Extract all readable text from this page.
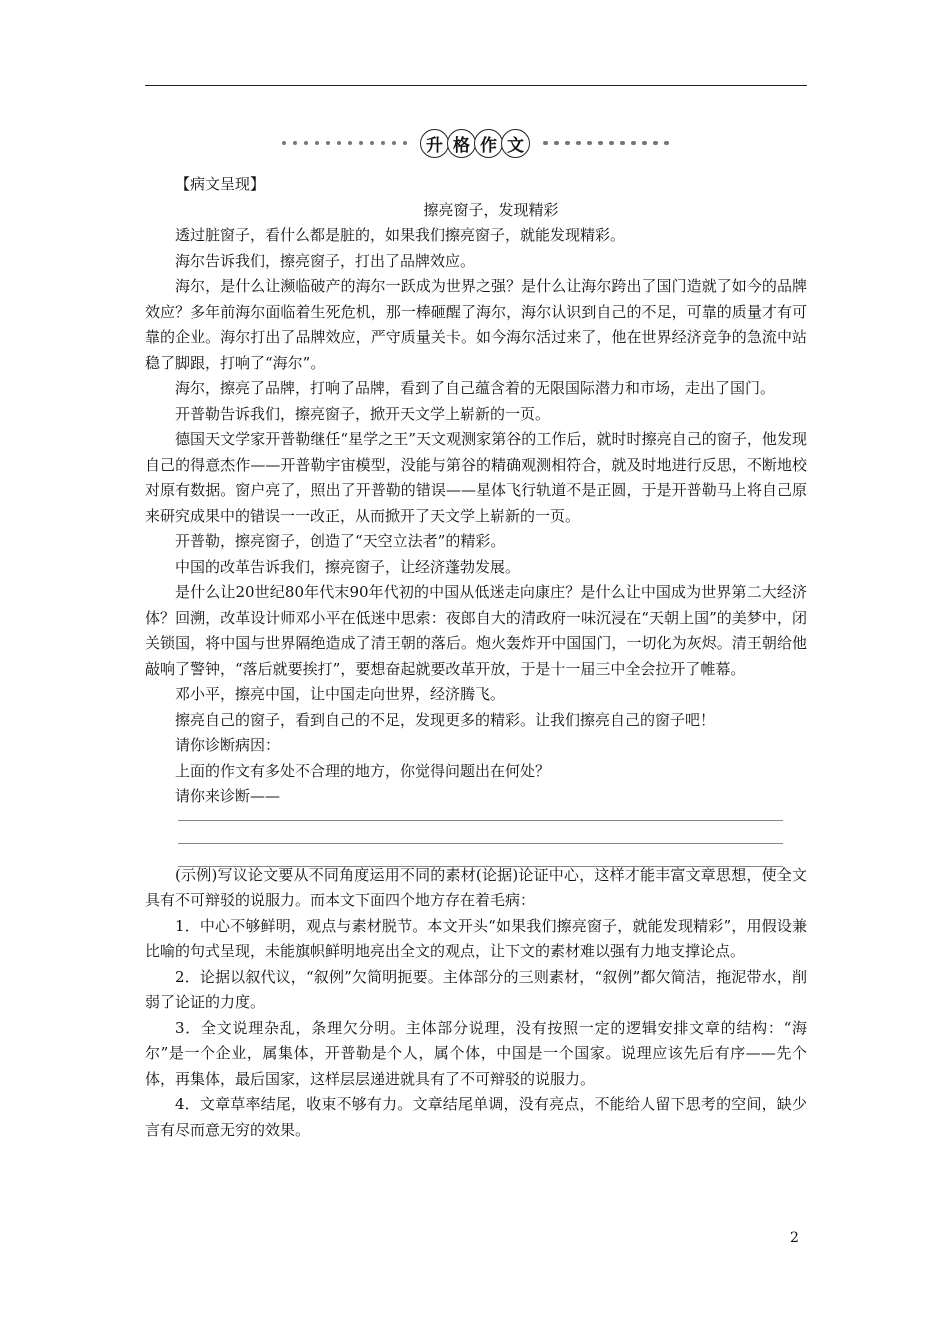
升 格 作 文

【病文呈现】

擦亮窗子，发现精彩

透过脏窗子，看什么都是脏的，如果我们擦亮窗子，就能发现精彩。

海尔告诉我们，擦亮窗子，打出了品牌效应。

海尔，是什么让濒临破产的海尔一跃成为世界之强？是什么让海尔跨出了国门造就了如今的品牌效应？多年前海尔面临着生死危机，那一棒砸醒了海尔，海尔认识到自己的不足，可靠的质量才有可靠的企业。海尔打出了品牌效应，严守质量关卡。如今海尔活过来了，他在世界经济竞争的急流中站稳了脚跟，打响了“海尔”。

海尔，擦亮了品牌，打响了品牌，看到了自己蕴含着的无限国际潜力和市场，走出了国门。

开普勒告诉我们，擦亮窗子，掀开天文学上崭新的一页。

德国天文学家开普勒继任“星学之王”天文观测家第谷的工作后，就时时擦亮自己的窗子，他发现自己的得意杰作——开普勒宇宙模型，没能与第谷的精确观测相符合，就及时地进行反思，不断地校对原有数据。窗户亮了，照出了开普勒的错误——星体飞行轨道不是正圆，于是开普勒马上将自己原来研究成果中的错误一一改正，从而掀开了天文学上崭新的一页。

开普勒，擦亮窗子，创造了“天空立法者”的精彩。

中国的改革告诉我们，擦亮窗子，让经济蓬勃发展。

是什么让20世纪80年代末90年代初的中国从低迷走向康庄？是什么让中国成为世界第二大经济体？回溯，改革设计师邓小平在低迷中思索：夜郎自大的清政府一味沉浸在“天朝上国”的美梦中，闭关锁国，将中国与世界隔绝造成了清王朝的落后。炮火轰炸开中国国门，一切化为灰烬。清王朝给他敲响了警钟，“落后就要挨打”，要想奋起就要改革开放，于是十一届三中全会拉开了帷幕。

邓小平，擦亮中国，让中国走向世界，经济腾飞。

擦亮自己的窗子，看到自己的不足，发现更多的精彩。让我们擦亮自己的窗子吧！

请你诊断病因：

上面的作文有多处不合理的地方，你觉得问题出在何处？

请你来诊断——

(示例)写议论文要从不同角度运用不同的素材(论据)论证中心，这样才能丰富文章思想，使全文具有不可辩驳的说服力。而本文下面四个地方存在着毛病：

1．中心不够鲜明，观点与素材脱节。本文开头“如果我们擦亮窗子，就能发现精彩”，用假设兼比喻的句式呈现，未能旗帜鲜明地亮出全文的观点，让下文的素材难以强有力地支撑论点。

2．论据以叙代议，“叙例”欠简明扼要。主体部分的三则素材，“叙例”都欠简洁，拖泥带水，削弱了论证的力度。

3．全文说理杂乱，条理欠分明。主体部分说理，没有按照一定的逻辑安排文章的结构：“海尔”是一个企业，属集体，开普勒是个人，属个体，中国是一个国家。说理应该先后有序——先个体，再集体，最后国家，这样层层递进就具有了不可辩驳的说服力。

4．文章草率结尾，收束不够有力。文章结尾单调，没有亮点，不能给人留下思考的空间，缺少言有尽而意无穷的效果。

2
